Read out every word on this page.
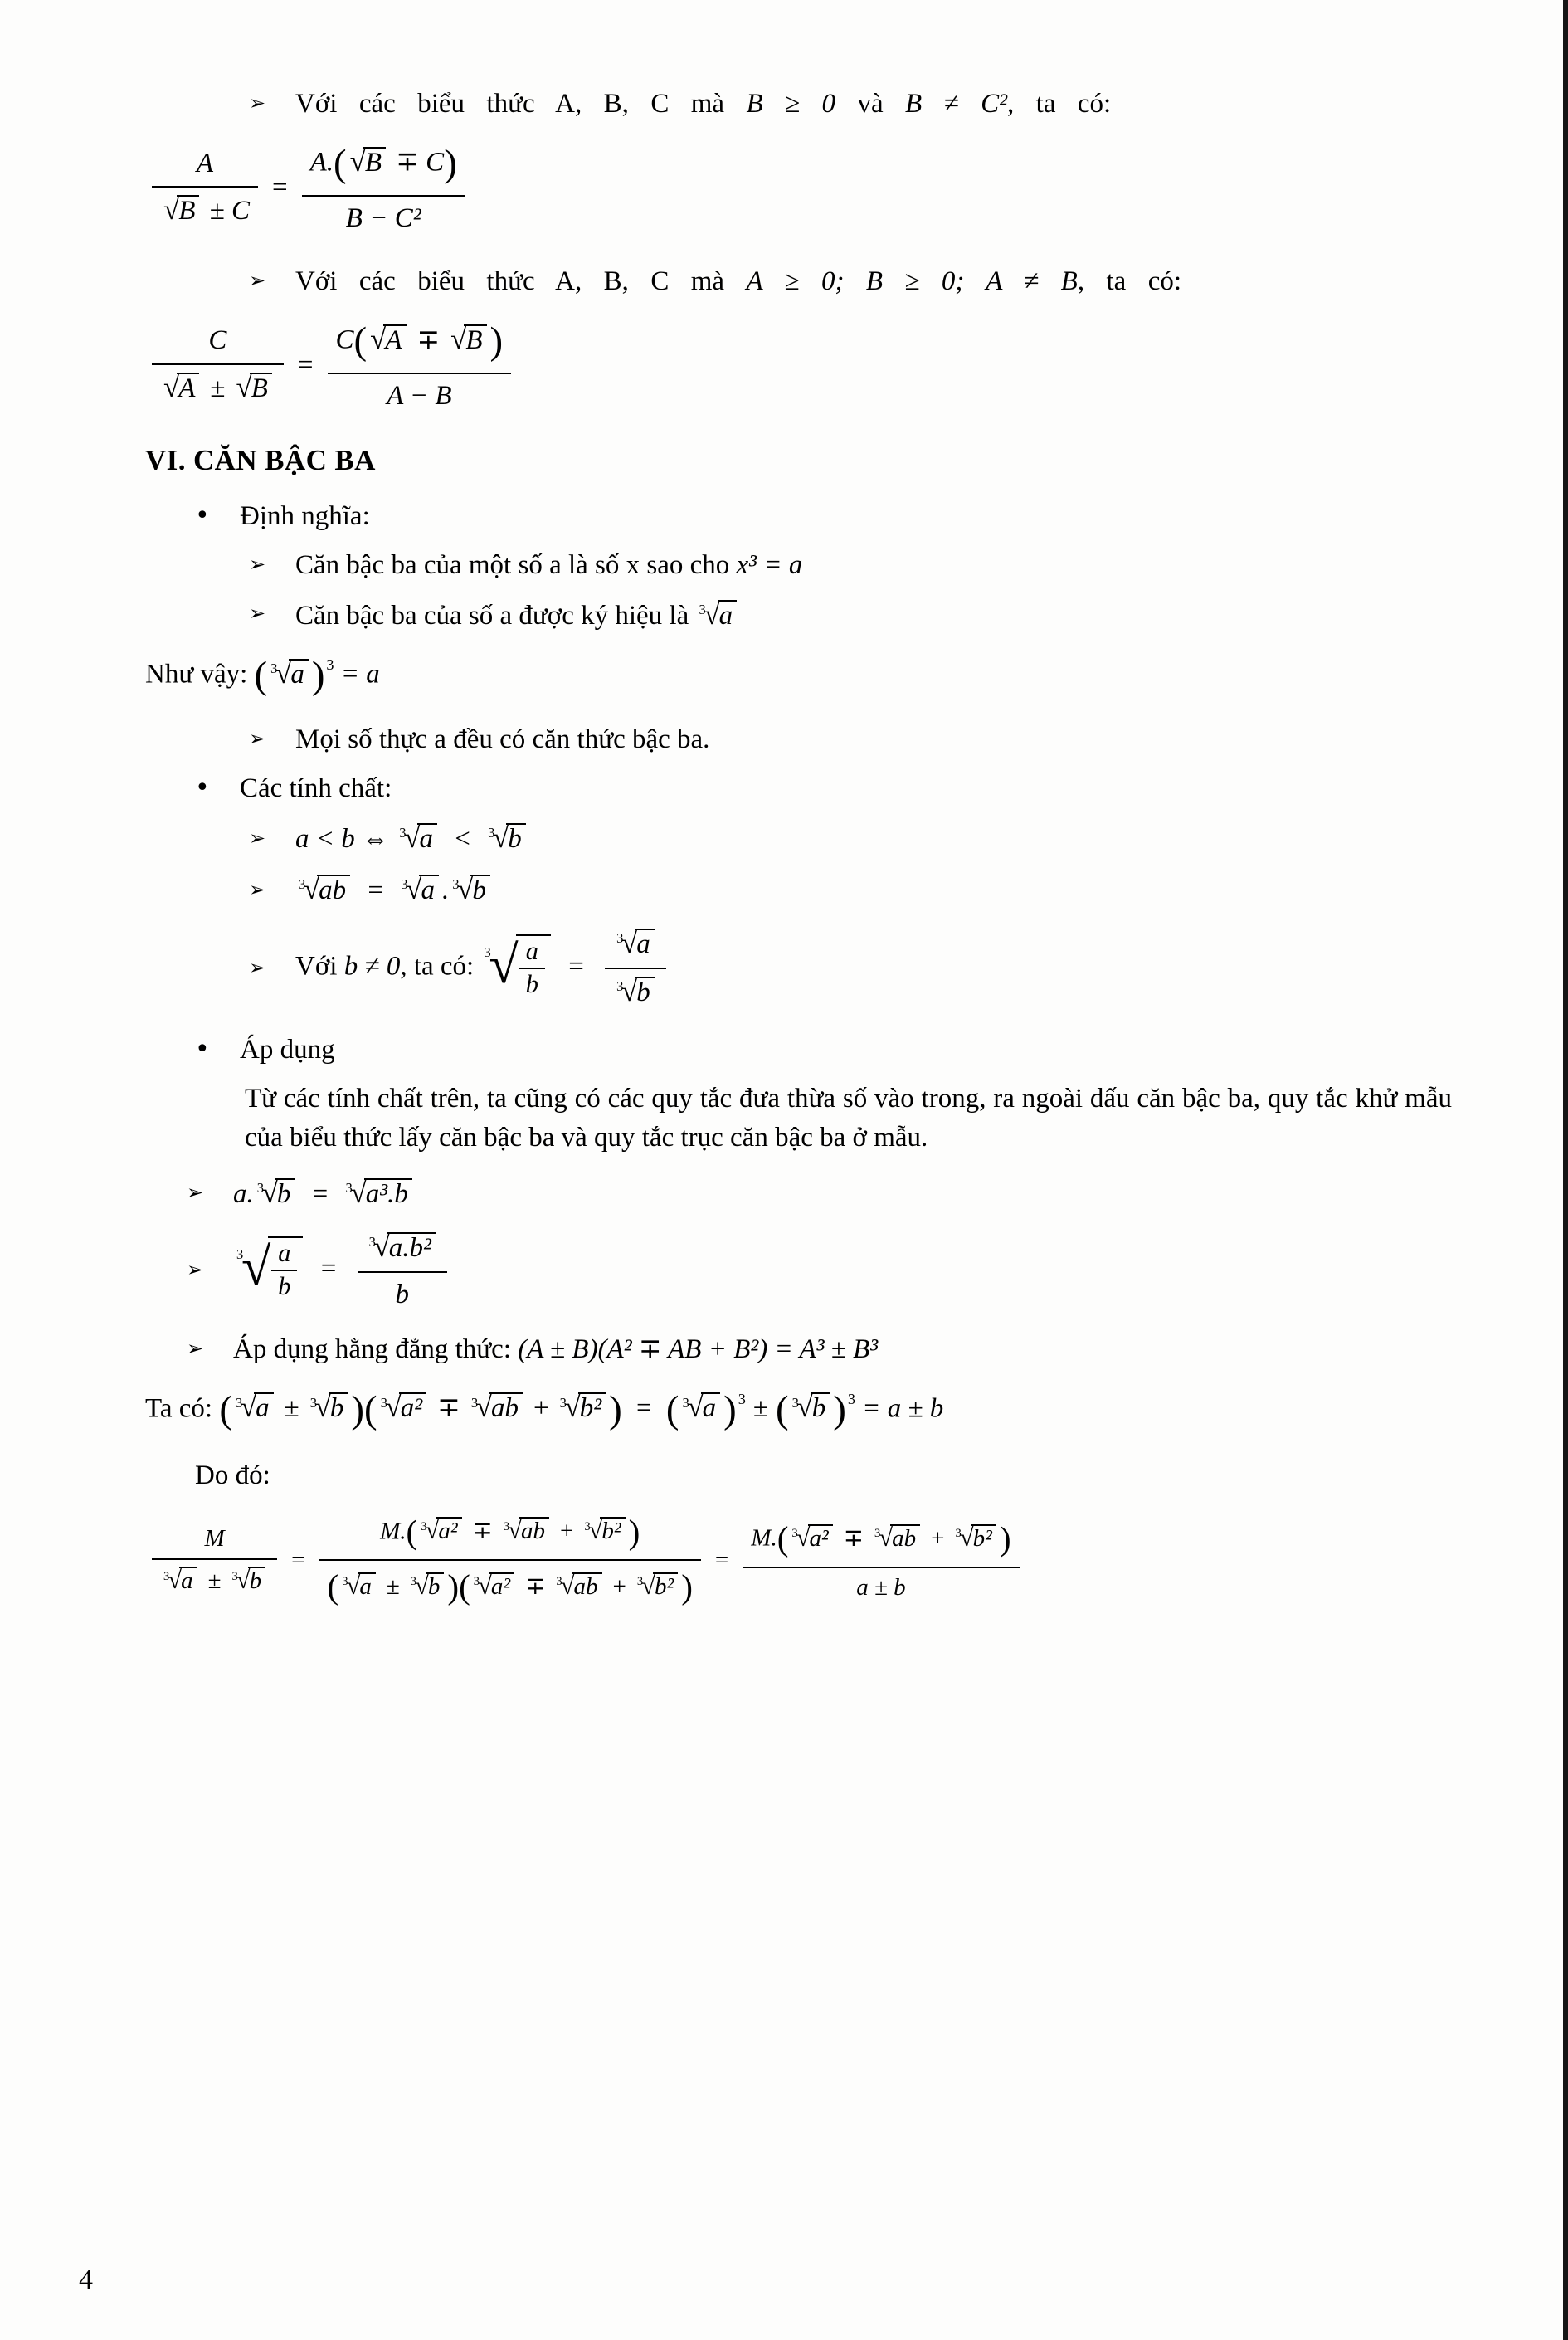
➢	Với các biểu thức A, B, C mà B ≥ 0 và B ≠ C², ta có:
$\frac{A}{√B \pm C} = \frac{A.( √B \mp C)}{\text{B − C²}}$
➢	Với các biểu thức A, B, C mà A ≥ 0; B ≥ 0; A ≠ B, ta có:
$\frac{C}{√A \pm √B} = \frac{C( √A \mp √B )}{A - B}$
VI. CĂN BẬC BA
•	Định nghĩa:
➢	Căn bậc ba của một số a là số x sao cho x³ = a
➢	Căn bậc ba của số a được ký hiệu là $^3$√a
Như vậy: ( $^3$√a ) $^3$ = a
➢	Mọi số thực a đều có căn thức bậc ba.
•	Các tính chất:
➢	a < b ⇔ $^3$√a < $^3$√b
➢	$^3$√ab = $^3$√a . $^3$√b
➢	Với b ≠ 0, ta có: $^3√ \frac{a}{b} = \frac{^3√a}{^3√b}$
•	Áp dụng
Từ các tính chất trên, ta cũng có các quy tắc đưa thừa số vào trong, ra ngoài dấu căn bậc ba, quy tắc khử mẫu của biểu thức lấy căn bậc ba và quy tắc trục căn bậc ba ở mẫu.
➢	a. $^3$√b = $^3$√a³.b
➢
$^3√ \frac{a}{b} = \frac{^3√a.b^2}{b}$
➢	Áp dụng hằng đẳng thức: (A ± B)(A² ∓ AB + B²) = A³ ± B³
Ta có: ( $^3$√a ± $^3$√b )( $^3$√a² ∓ $^3$√ab + $^3$√b² ) = ( $^3$√a ) $^3$ ± ( $^3$√b ) $^3$ = a ± b
Do đó:
$\frac{M}{^3√a \pm ^3√b} = \frac{M.( ^3√a^2 \mp ^3√ab + ^3√b^2 )}{( ^3√a \pm ^3√b )( ^3√a^2 \mp ^3√ab + ^3√b^2 )} = \frac{M.( ^3√a^2 \mp ^3√ab + ^3√b^2 )}{a \pm b}$
4
